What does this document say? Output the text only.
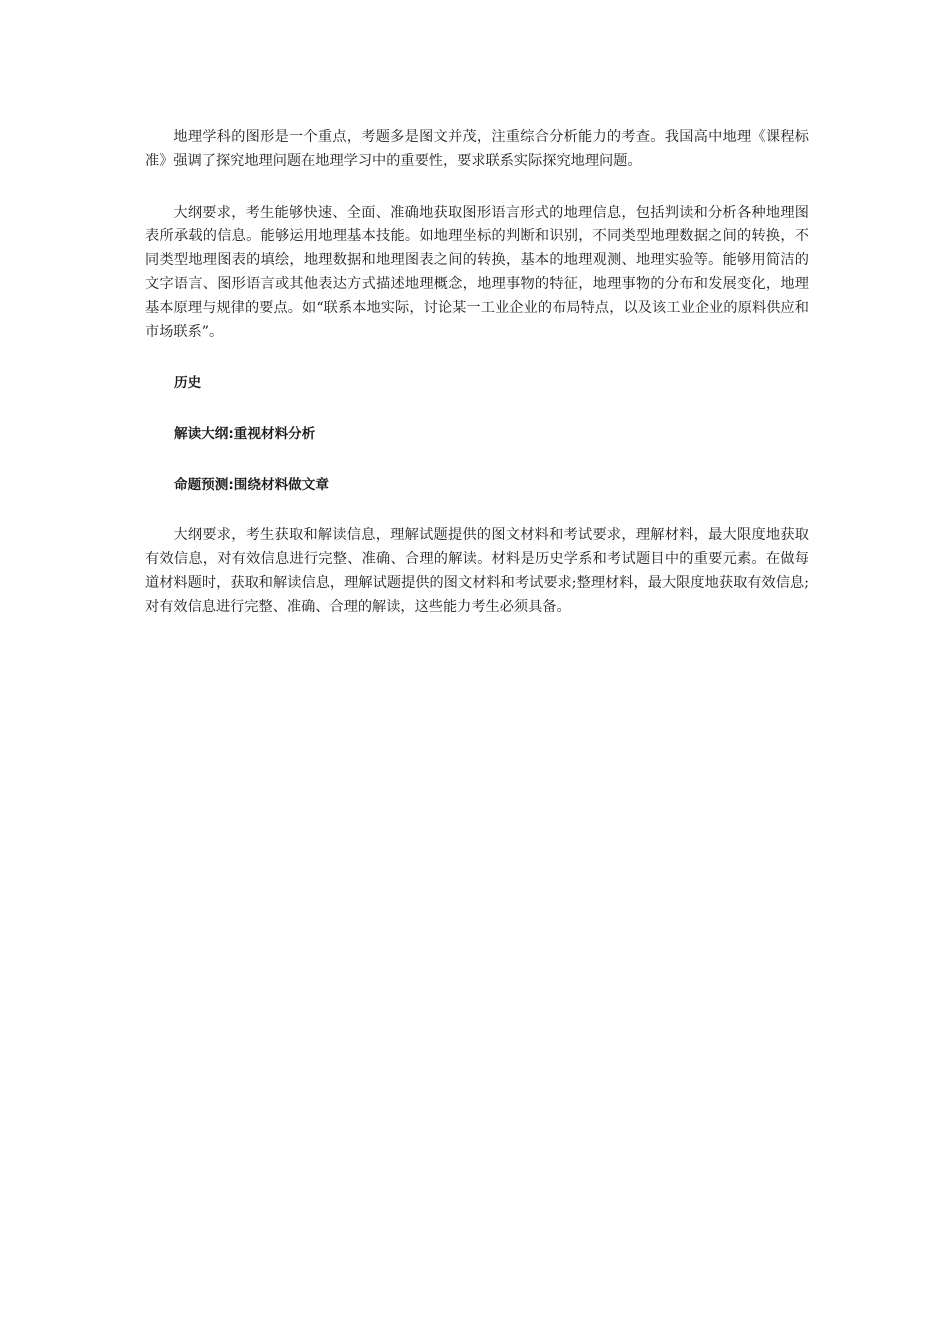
地理学科的图形是一个重点，考题多是图文并茂，注重综合分析能力的考查。我国高中地理《课程标准》强调了探究地理问题在地理学习中的重要性，要求联系实际探究地理问题。

大纲要求，考生能够快速、全面、准确地获取图形语言形式的地理信息，包括判读和分析各种地理图表所承载的信息。能够运用地理基本技能。如地理坐标的判断和识别，不同类型地理数据之间的转换，不同类型地理图表的填绘，地理数据和地理图表之间的转换，基本的地理观测、地理实验等。能够用简洁的文字语言、图形语言或其他表达方式描述地理概念，地理事物的特征，地理事物的分布和发展变化，地理基本原理与规律的要点。如“联系本地实际，讨论某一工业企业的布局特点，以及该工业企业的原料供应和市场联系”。

历史

解读大纲:重视材料分析

命题预测:围绕材料做文章

大纲要求，考生获取和解读信息，理解试题提供的图文材料和考试要求，理解材料，最大限度地获取有效信息，对有效信息进行完整、准确、合理的解读。材料是历史学系和考试题目中的重要元素。在做每道材料题时，获取和解读信息，理解试题提供的图文材料和考试要求;整理材料，最大限度地获取有效信息;对有效信息进行完整、准确、合理的解读，这些能力考生必须具备。
